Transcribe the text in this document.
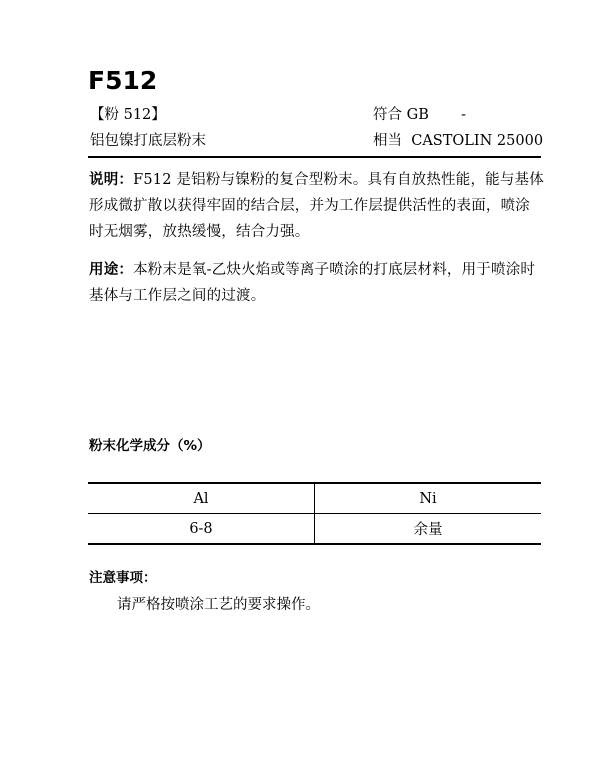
F512
【粉 512】	符合 GB       -
铝包镍打底层粉末	相当  CASTOLIN 25000
说明：F512 是铝粉与镍粉的复合型粉末。具有自放热性能，能与基体形成微扩散以获得牢固的结合层，并为工作层提供活性的表面，喷涂时无烟雾，放热缓慢，结合力强。
用途：本粉末是氧-乙炔火焰或等离子喷涂的打底层材料，用于喷涂时基体与工作层之间的过渡。
粉末化学成分（%）
Al	Ni
6-8	余量
注意事项：
请严格按喷涂工艺的要求操作。
